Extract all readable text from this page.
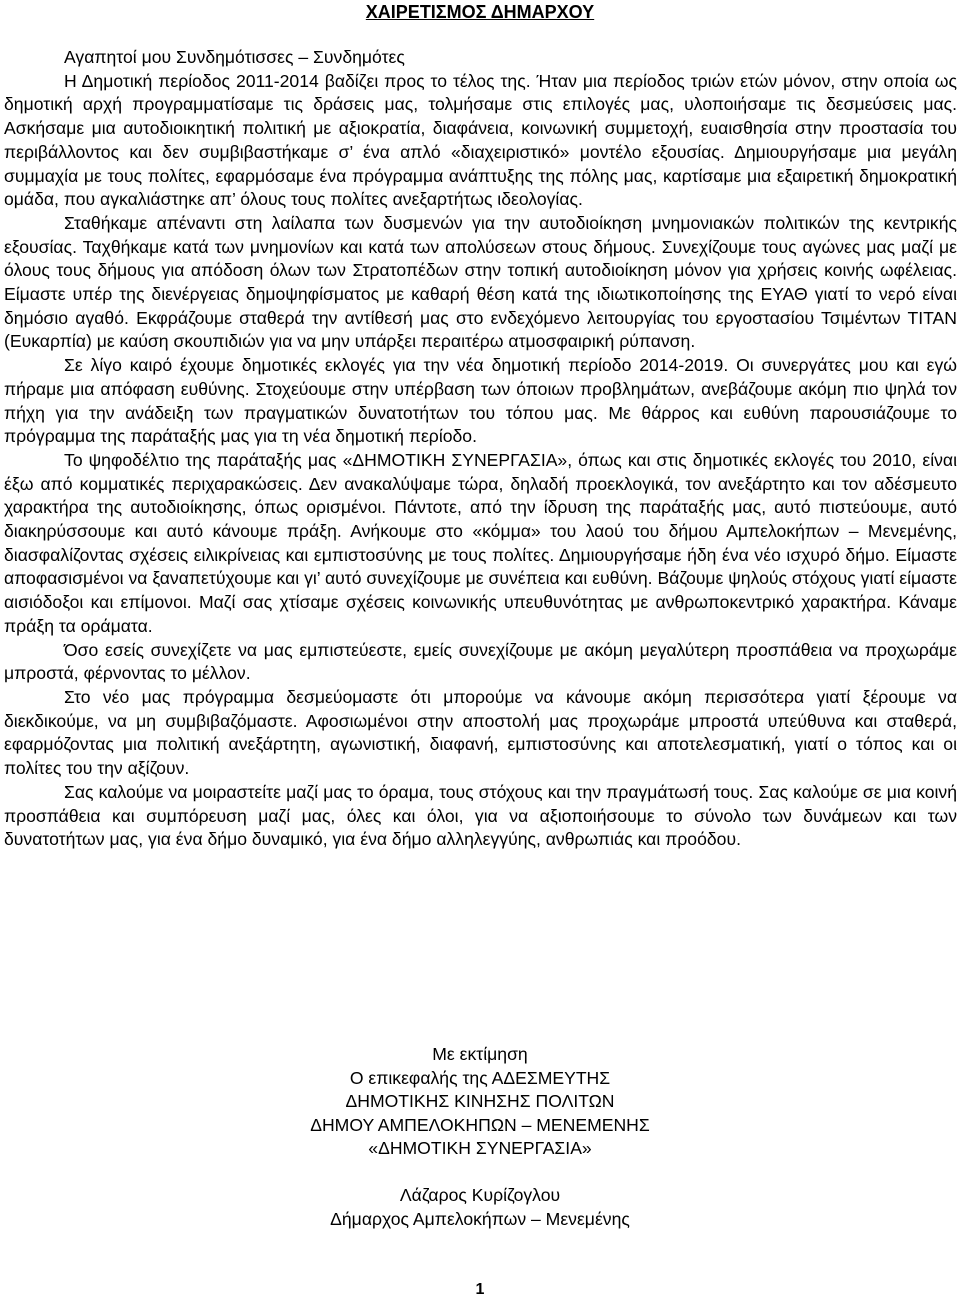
ΧΑΙΡΕΤΙΣΜΟΣ ΔΗΜΑΡΧΟΥ

Αγαπητοί μου Συνδημότισσες – Συνδημότες

Η Δημοτική περίοδος 2011-2014 βαδίζει προς το τέλος της. Ήταν μια περίοδος τριών ετών μόνον, στην οποία ως δημοτική αρχή προγραμματίσαμε τις δράσεις μας, τολμήσαμε στις επιλογές μας, υλοποιήσαμε τις δεσμεύσεις μας. Ασκήσαμε μια αυτοδιοικητική πολιτική με αξιοκρατία, διαφάνεια, κοινωνική συμμετοχή, ευαισθησία στην προστασία του περιβάλλοντος και δεν συμβιβαστήκαμε σ’ ένα απλό «διαχειριστικό» μοντέλο εξουσίας. Δημιουργήσαμε μια μεγάλη συμμαχία με τους πολίτες, εφαρμόσαμε ένα πρόγραμμα ανάπτυξης της πόλης μας, καρτίσαμε μια εξαιρετική δημοκρατική ομάδα, που αγκαλιάστηκε απ’ όλους τους πολίτες ανεξαρτήτως ιδεολογίας.

Σταθήκαμε απέναντι στη λαίλαπα των δυσμενών για την αυτοδιοίκηση μνημονιακών πολιτικών της κεντρικής εξουσίας. Ταχθήκαμε κατά των μνημονίων και κατά των απολύσεων στους δήμους. Συνεχίζουμε τους αγώνες μας μαζί με όλους τους δήμους για απόδοση όλων των Στρατοπέδων στην τοπική αυτοδιοίκηση μόνον για χρήσεις κοινής ωφέλειας. Είμαστε υπέρ της διενέργειας δημοψηφίσματος με καθαρή θέση κατά της ιδιωτικοποίησης της ΕΥΑΘ γιατί το νερό είναι δημόσιο αγαθό. Εκφράζουμε σταθερά την αντίθεσή μας στο ενδεχόμενο λειτουργίας του εργοστασίου Τσιμέντων ΤΙΤΑΝ (Ευκαρπία) με καύση σκουπιδιών για να μην υπάρξει περαιτέρω ατμοσφαιρική ρύπανση.

Σε λίγο καιρό έχουμε δημοτικές εκλογές για την νέα δημοτική περίοδο 2014-2019. Οι συνεργάτες μου και εγώ πήραμε μια απόφαση ευθύνης. Στοχεύουμε στην υπέρβαση των όποιων προβλημάτων, ανεβάζουμε ακόμη πιο ψηλά τον πήχη για την ανάδειξη των πραγματικών δυνατοτήτων του τόπου μας. Με θάρρος και ευθύνη παρουσιάζουμε το πρόγραμμα της παράταξής μας για τη νέα δημοτική περίοδο.

Το ψηφοδέλτιο της παράταξής μας «ΔΗΜΟΤΙΚΗ ΣΥΝΕΡΓΑΣΙΑ», όπως και στις δημοτικές εκλογές του 2010, είναι έξω από κομματικές περιχαρακώσεις. Δεν ανακαλύψαμε τώρα, δηλαδή προεκλογικά, τον ανεξάρτητο και τον αδέσμευτο χαρακτήρα της αυτοδιοίκησης, όπως ορισμένοι. Πάντοτε, από την ίδρυση της παράταξής μας, αυτό πιστεύουμε, αυτό διακηρύσσουμε και αυτό κάνουμε πράξη. Ανήκουμε στο «κόμμα» του λαού του δήμου Αμπελοκήπων – Μενεμένης, διασφαλίζοντας σχέσεις ειλικρίνειας και εμπιστοσύνης με τους πολίτες. Δημιουργήσαμε ήδη ένα νέο ισχυρό δήμο. Είμαστε αποφασισμένοι να ξαναπετύχουμε και γι’ αυτό συνεχίζουμε με συνέπεια και ευθύνη. Βάζουμε ψηλούς στόχους γιατί είμαστε αισιόδοξοι και επίμονοι. Μαζί σας χτίσαμε σχέσεις κοινωνικής υπευθυνότητας με ανθρωποκεντρικό χαρακτήρα. Κάναμε πράξη τα οράματα.

Όσο εσείς συνεχίζετε να μας εμπιστεύεστε, εμείς συνεχίζουμε με ακόμη μεγαλύτερη προσπάθεια να προχωράμε μπροστά, φέρνοντας το μέλλον.

Στο νέο μας πρόγραμμα δεσμεύομαστε ότι μπορούμε να κάνουμε ακόμη περισσότερα γιατί ξέρουμε να διεκδικούμε, να μη συμβιβαζόμαστε. Αφοσιωμένοι στην αποστολή μας προχωράμε μπροστά υπεύθυνα και σταθερά, εφαρμόζοντας μια πολιτική ανεξάρτητη, αγωνιστική, διαφανή, εμπιστοσύνης και αποτελεσματική, γιατί ο τόπος και οι πολίτες του την αξίζουν.

Σας καλούμε να μοιραστείτε μαζί μας το όραμα, τους στόχους και την πραγμάτωσή τους. Σας καλούμε σε μια κοινή προσπάθεια και συμπόρευση μαζί μας, όλες και όλοι, για να αξιοποιήσουμε το σύνολο των δυνάμεων και των δυνατοτήτων μας, για ένα δήμο δυναμικό, για ένα δήμο αλληλεγγύης, ανθρωπιάς και προόδου.

Με εκτίμηση
Ο επικεφαλής της ΑΔΕΣΜΕΥΤΗΣ
ΔΗΜΟΤΙΚΗΣ ΚΙΝΗΣΗΣ ΠΟΛΙΤΩΝ
ΔΗΜΟΥ ΑΜΠΕΛΟΚΗΠΩΝ – ΜΕΝΕΜΕΝΗΣ
«ΔΗΜΟΤΙΚΗ ΣΥΝΕΡΓΑΣΙΑ»
Λάζαρος Κυρίζογλου
Δήμαρχος Αμπελοκήπων – Μενεμένης
1
